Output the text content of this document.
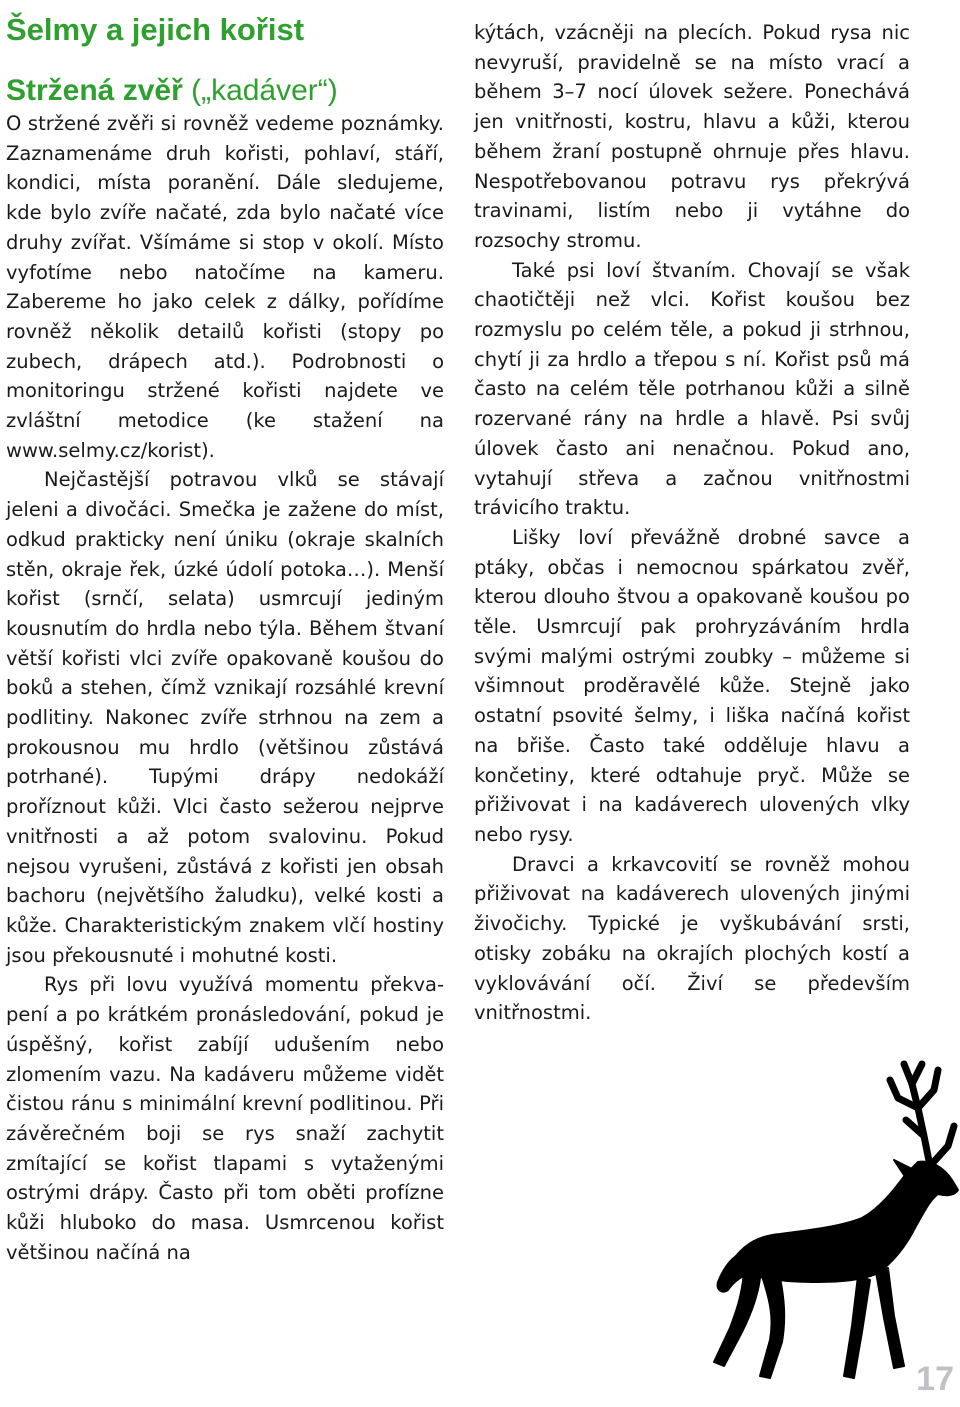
Šelmy a jejich kořist
Stržená zvěř („kadáver“)

O stržené zvěři si rovněž vedeme poznámky. Zaznamenáme druh kořisti, pohlaví, stáří, kondici, místa poranění. Dále sledujeme, kde bylo zvíře načaté, zda bylo načaté více druhy zvířat. Všímáme si stop v okolí. Místo vyfotíme nebo natočíme na kameru. Zabereme ho jako celek z dálky, pořídíme rovněž několik detailů kořisti (stopy po zubech, drápech atd.). Podrobnosti o monitoringu stržené kořisti najdete ve zvláštní metodice (ke stažení na www.selmy.cz/korist).

Nejčastější potravou vlků se stávají jeleni a divočáci. Smečka je zažene do míst, odkud prakticky není úniku (okraje skalních stěn, okraje řek, úzké údolí potoka…). Menší kořist (srnčí, selata) usmrcují jediným kousnutím do hrdla nebo týla. Během štvaní větší kořisti vlci zvíře opakovaně koušou do boků a stehen, čímž vznikají rozsáhlé krevní podlitiny. Nakonec zvíře strhnou na zem a prokousnou mu hrdlo (většinou zůstává potrhané). Tupými drápy nedokáží proříznout kůži. Vlci často sežerou nejprve vnitřnosti a až potom svalovinu. Pokud nejsou vyrušeni, zůstává z kořisti jen obsah bachoru (největšího žaludku), velké kosti a kůže. Charakteristickým znakem vlčí hostiny jsou překousnuté i mohutné kosti.

Rys při lovu využívá momentu překvapení a po krátkém pronásledování, pokud je úspěšný, kořist zabíjí udušením nebo zlomením vazu. Na kadáveru můžeme vidět čistou ránu s minimální krevní podlitinou. Při závěrečném boji se rys snaží zachytit zmítající se kořist tlapami s vytaženými ostrými drápy. Často při tom oběti profízne kůži hluboko do masa. Usmrcenou kořist většinou načíná na

kýtách, vzácněji na plecích. Pokud rysa nic nevyruší, pravidelně se na místo vrací a během 3–7 nocí úlovek sežere. Ponechává jen vnitřnosti, kostru, hlavu a kůži, kterou během žraní postupně ohrnuje přes hlavu. Nespotřebovanou potravu rys překrývá travinami, listím nebo ji vytáhne do rozsochy stromu.

Také psi loví štvaním. Chovají se však chaotičtěji než vlci. Kořist koušou bez rozmyslu po celém těle, a pokud ji strhnou, chytí ji za hrdlo a třepou s ní. Kořist psů má často na celém těle potrhanou kůži a silně rozervané rány na hrdle a hlavě. Psi svůj úlovek často ani nenačnou. Pokud ano, vytahují střeva a začnou vnitřnostmi trávicího traktu.

Lišky loví převážně drobné savce a ptáky, občas i nemocnou spárkatou zvěř, kterou dlouho štvou a opakovaně koušou po těle. Usmrcují pak prohryzáváním hrdla svými malými ostrými zoubky – můžeme si všimnout proděravělé kůže. Stejně jako ostatní psovité šelmy, i liška načíná kořist na břiše. Často také odděluje hlavu a končetiny, které odtahuje pryč. Může se přiživovat i na kadáverech ulovených vlky nebo rysy.

Dravci a krkavcovití se rovněž mohou přiživovat na kadáverech ulovených jinými živočichy. Typické je vyškubávání srsti, otisky zobáku na okrajích plochých kostí a vyklovávání očí. Živí se především vnitřnostmi.

17
